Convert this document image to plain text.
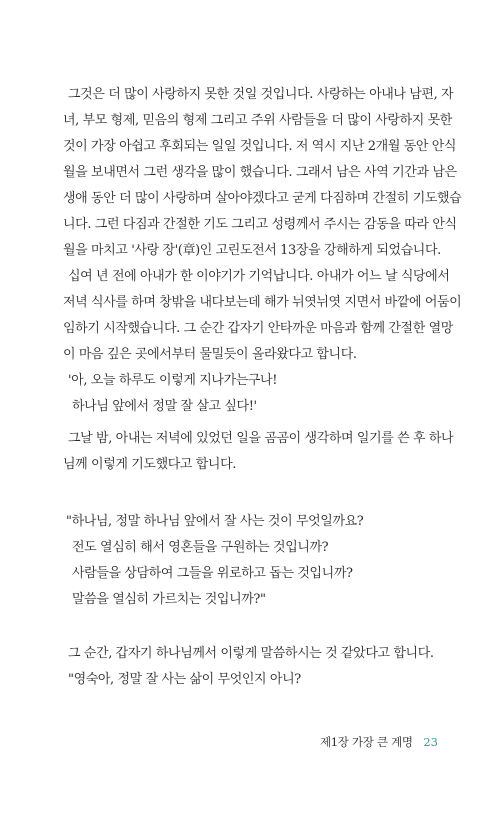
그것은 더 많이 사랑하지 못한 것일 것입니다. 사랑하는 아내나 남편, 자
녀, 부모 형제, 믿음의 형제 그리고 주위 사람들을 더 많이 사랑하지 못한
것이 가장 아쉽고 후회되는 일일 것입니다. 저 역시 지난 2개월 동안 안식
월을 보내면서 그런 생각을 많이 했습니다. 그래서 남은 사역 기간과 남은
생애 동안 더 많이 사랑하며 살아야겠다고 굳게 다짐하며 간절히 기도했습
니다. 그런 다짐과 간절한 기도 그리고 성령께서 주시는 감동을 따라 안식
월을 마치고 '사랑 장'(章)인 고린도전서 13장을 강해하게 되었습니다.
십여 년 전에 아내가 한 이야기가 기억납니다. 아내가 어느 날 식당에서
저녁 식사를 하며 창밖을 내다보는데 해가 뉘엿뉘엿 지면서 바깥에 어둠이
임하기 시작했습니다. 그 순간 갑자기 안타까운 마음과 함께 간절한 열망
이 마음 깊은 곳에서부터 물밀듯이 올라왔다고 합니다.
'아, 오늘 하루도 이렇게 지나가는구나!
하나님 앞에서 정말 잘 살고 싶다!'
그날 밤, 아내는 저녁에 있었던 일을 곰곰이 생각하며 일기를 쓴 후 하나
님께 이렇게 기도했다고 합니다.
"하나님, 정말 하나님 앞에서 잘 사는 것이 무엇일까요?
전도 열심히 해서 영혼들을 구원하는 것입니까?
사람들을 상담하여 그들을 위로하고 돕는 것입니까?
말씀을 열심히 가르치는 것입니까?"
그 순간, 갑자기 하나님께서 이렇게 말씀하시는 것 같았다고 합니다.
"영숙아, 정말 잘 사는 삶이 무엇인지 아니?
제1장 가장 큰 계명 23
